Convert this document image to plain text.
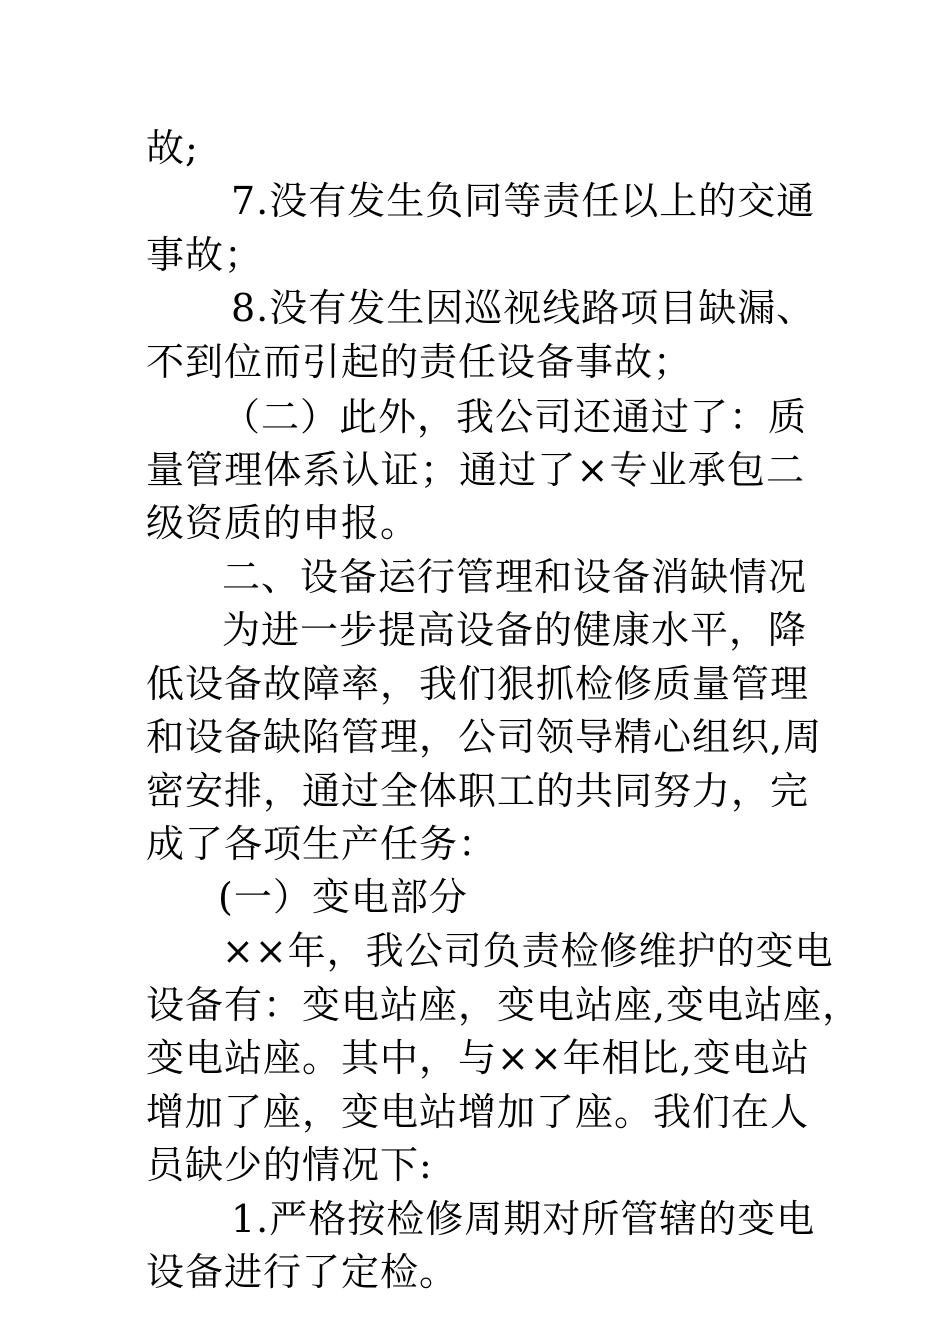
故;
7.没有发生负同等责任以上的交通
事故；
8.没有发生因巡视线路项目缺漏、
不到位而引起的责任设备事故；
（二）此外，我公司还通过了：质
量管理体系认证；通过了×专业承包二
级资质的申报。
二、设备运行管理和设备消缺情况
为进一步提高设备的健康水平，降
低设备故障率，我们狠抓检修质量管理
和设备缺陷管理，公司领导精心组织,周
密安排，通过全体职工的共同努力，完
成了各项生产任务：
(一）变电部分
××年，我公司负责检修维护的变电
设备有：变电站座，变电站座,变电站座，
变电站座。其中，与××年相比,变电站
增加了座，变电站增加了座。我们在人
员缺少的情况下:
1.严格按检修周期对所管辖的变电
设备进行了定检。
